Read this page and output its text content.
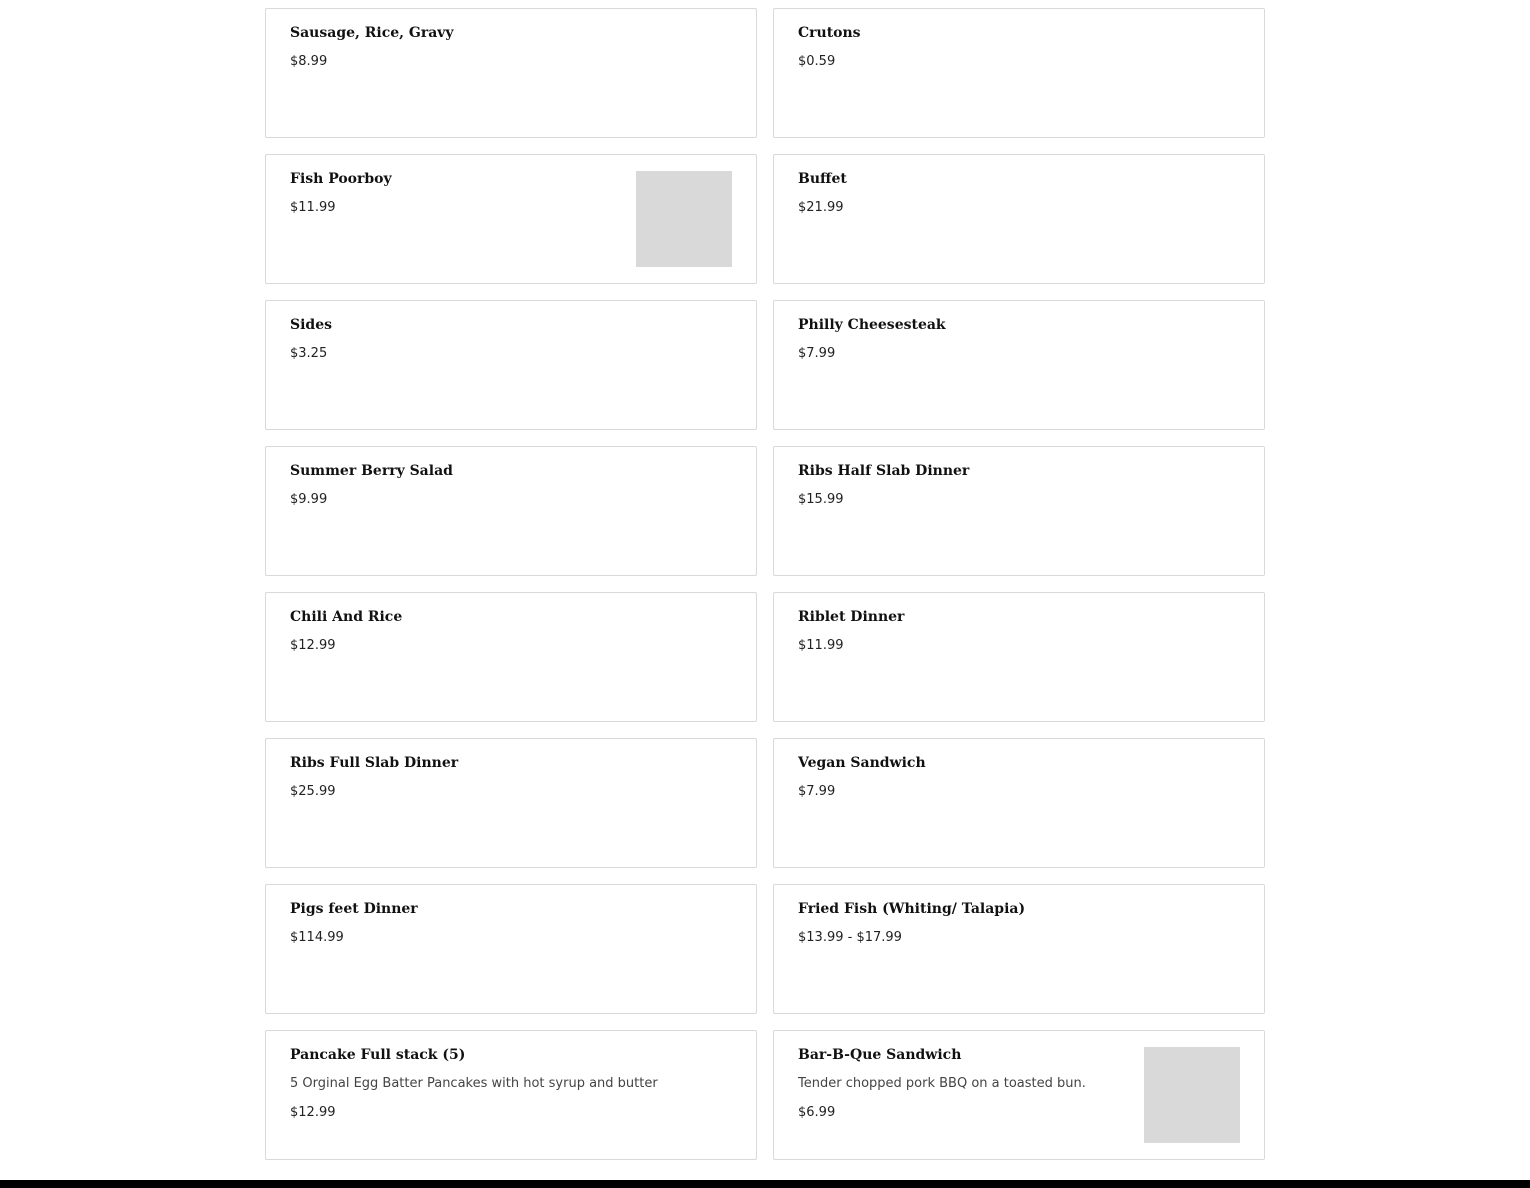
Sausage, Rice, Gravy
$8.99
Crutons
$0.59
Fish Poorboy
$11.99
Buffet
$21.99
Sides
$3.25
Philly Cheesesteak
$7.99
Summer Berry Salad
$9.99
Ribs Half Slab Dinner
$15.99
Chili And Rice
$12.99
Riblet Dinner
$11.99
Ribs Full Slab Dinner
$25.99
Vegan Sandwich
$7.99
Pigs feet Dinner
$114.99
Fried Fish (Whiting/ Talapia)
$13.99 - $17.99
Pancake Full stack (5)
5 Orginal Egg Batter Pancakes with hot syrup and butter
$12.99
Bar-B-Que Sandwich
Tender chopped pork BBQ on a toasted bun.
$6.99
